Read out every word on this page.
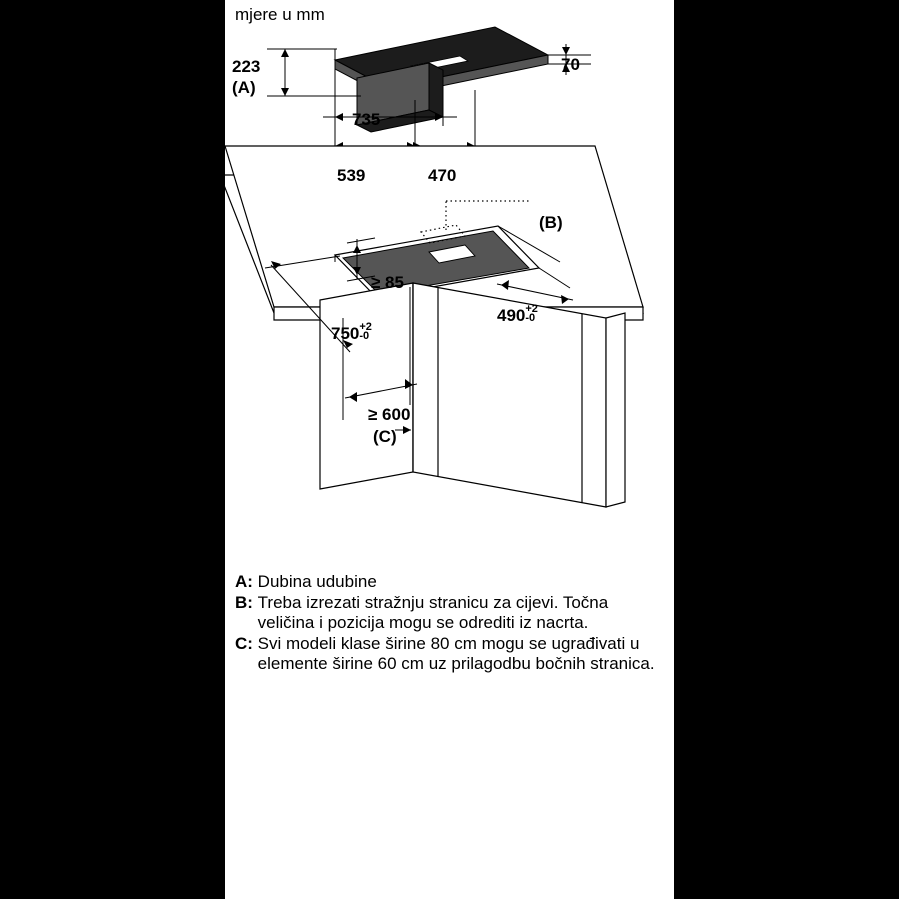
mjere u mm
223
(A)
70
735
539	470
(B)
≥ 85
750 +2
-0
490 +2
-0
≥ 600
(C)
A: Dubina udubine
B: Treba izrezati stražnju stranicu za cijevi. Točna veličina i pozicija mogu se odrediti iz nacrta.
C: Svi modeli klase širine 80 cm mogu se ugrađivati u elemente širine 60 cm uz prilagodbu bočnih stranica.
